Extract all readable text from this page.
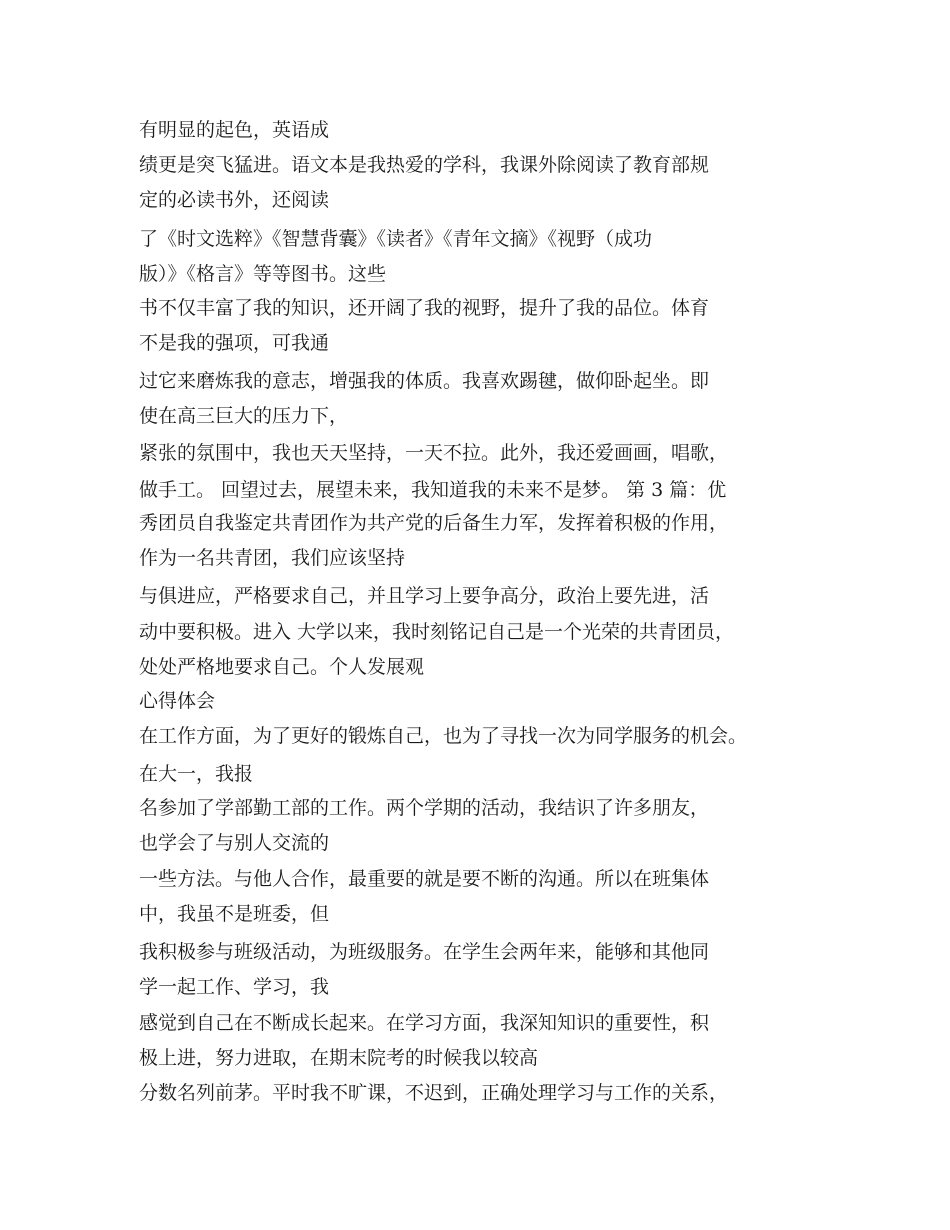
有明显的起色，英语成

绩更是突飞猛进。语文本是我热爱的学科，我课外除阅读了教育部规

定的必读书外，还阅读

了《时文选粹》《智慧背囊》《读者》《青年文摘》《视野（成功

版）》《格言》等等图书。这些

书不仅丰富了我的知识，还开阔了我的视野，提升了我的品位。体育

不是我的强项，可我通

过它来磨炼我的意志，增强我的体质。我喜欢踢毽，做仰卧起坐。即

使在高三巨大的压力下，

紧张的氛围中，我也天天坚持，一天不拉。此外，我还爱画画，唱歌，

做手工。 回望过去，展望未来，我知道我的未来不是梦。 第 3 篇：优

秀团员自我鉴定共青团作为共产党的后备生力军，发挥着积极的作用，

作为一名共青团，我们应该坚持

与俱进应，严格要求自己，并且学习上要争高分，政治上要先进，活

动中要积极。进入 大学以来，我时刻铭记自己是一个光荣的共青团员，

处处严格地要求自己。个人发展观

心得体会

在工作方面，为了更好的锻炼自己，也为了寻找一次为同学服务的机会。

在大一，我报

名参加了学部勤工部的工作。两个学期的活动，我结识了许多朋友，

也学会了与别人交流的

一些方法。与他人合作，最重要的就是要不断的沟通。所以在班集体

中，我虽不是班委，但

我积极参与班级活动，为班级服务。在学生会两年来，能够和其他同

学一起工作、学习，我

感觉到自己在不断成长起来。在学习方面，我深知知识的重要性，积

极上进，努力进取，在期末院考的时候我以较高

分数名列前茅。平时我不旷课，不迟到，正确处理学习与工作的关系，
